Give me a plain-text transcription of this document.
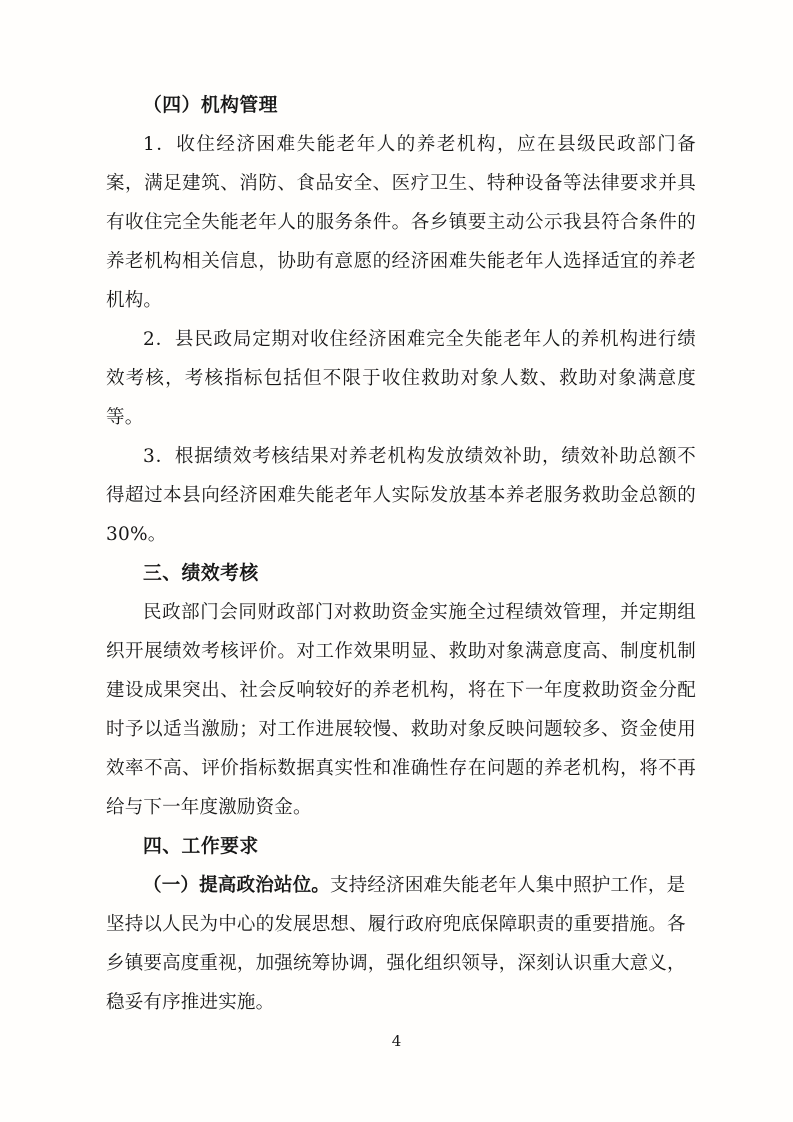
（四）机构管理

1．收住经济困难失能老年人的养老机构，应在县级民政部门备案，满足建筑、消防、食品安全、医疗卫生、特种设备等法律要求并具有收住完全失能老年人的服务条件。各乡镇要主动公示我县符合条件的养老机构相关信息，协助有意愿的经济困难失能老年人选择适宜的养老机构。

2．县民政局定期对收住经济困难完全失能老年人的养机构进行绩效考核，考核指标包括但不限于收住救助对象人数、救助对象满意度等。

3．根据绩效考核结果对养老机构发放绩效补助，绩效补助总额不得超过本县向经济困难失能老年人实际发放基本养老服务救助金总额的 30%。

三、绩效考核

民政部门会同财政部门对救助资金实施全过程绩效管理，并定期组织开展绩效考核评价。对工作效果明显、救助对象满意度高、制度机制建设成果突出、社会反响较好的养老机构，将在下一年度救助资金分配时予以适当激励；对工作进展较慢、救助对象反映问题较多、资金使用效率不高、评价指标数据真实性和准确性存在问题的养老机构，将不再给与下一年度激励资金。

四、工作要求

（一）提高政治站位。支持经济困难失能老年人集中照护工作，是坚持以人民为中心的发展思想、履行政府兜底保障职责的重要措施。各乡镇要高度重视，加强统筹协调，强化组织领导，深刻认识重大意义，稳妥有序推进实施。

4
